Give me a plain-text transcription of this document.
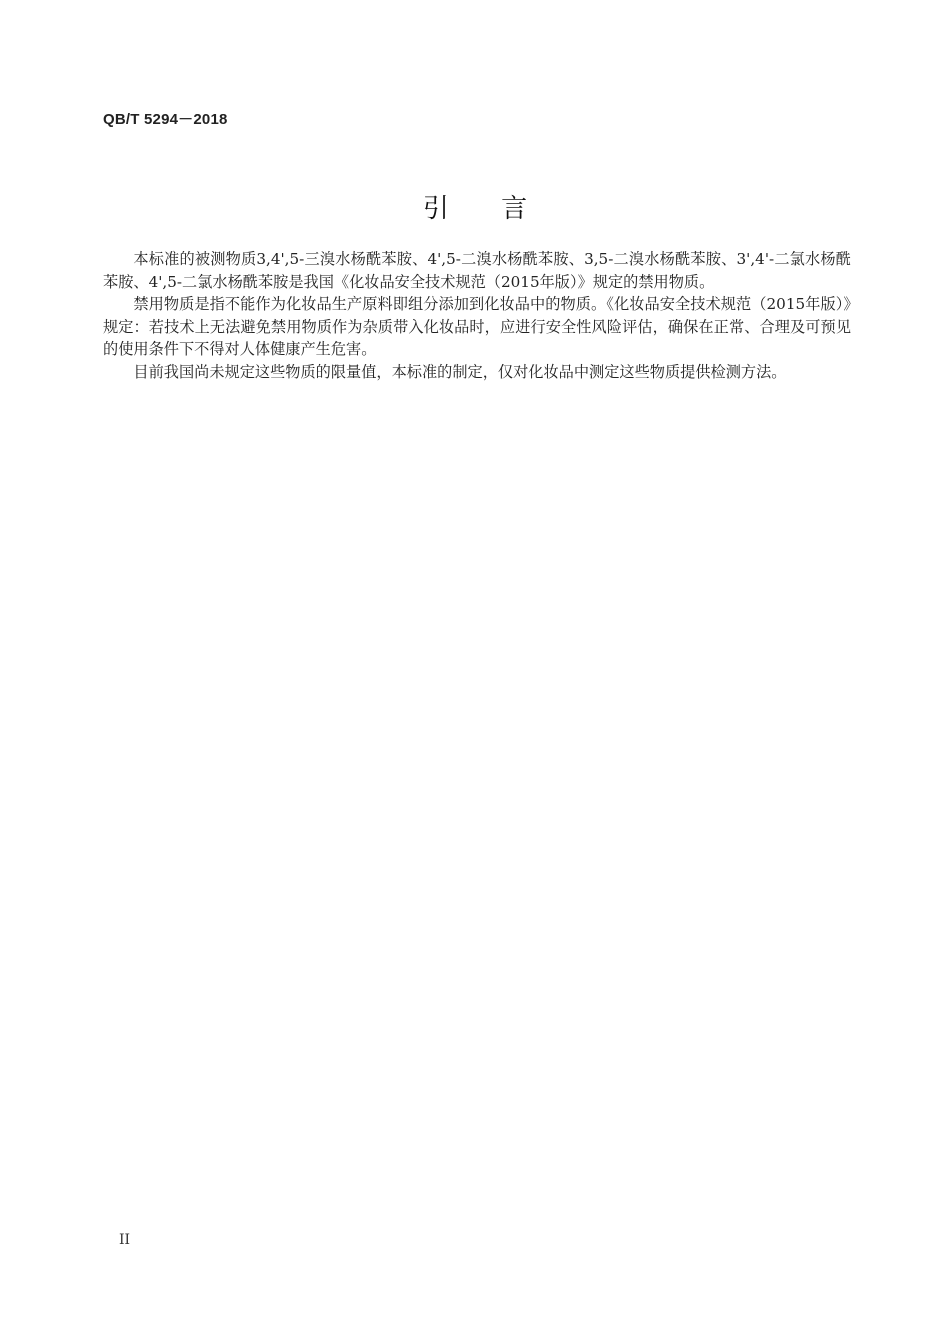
QB/T 5294－2018
引 言

本标准的被测物质3,4',5-三溴水杨酰苯胺、4',5-二溴水杨酰苯胺、3,5-二溴水杨酰苯胺、3',4'-二氯水杨酰苯胺、4',5-二氯水杨酰苯胺是我国《化妆品安全技术规范（2015年版）》规定的禁用物质。

禁用物质是指不能作为化妆品生产原料即组分添加到化妆品中的物质。《化妆品安全技术规范（2015年版）》规定：若技术上无法避免禁用物质作为杂质带入化妆品时，应进行安全性风险评估，确保在正常、合理及可预见的使用条件下不得对人体健康产生危害。

目前我国尚未规定这些物质的限量值，本标准的制定，仅对化妆品中测定这些物质提供检测方法。

II
